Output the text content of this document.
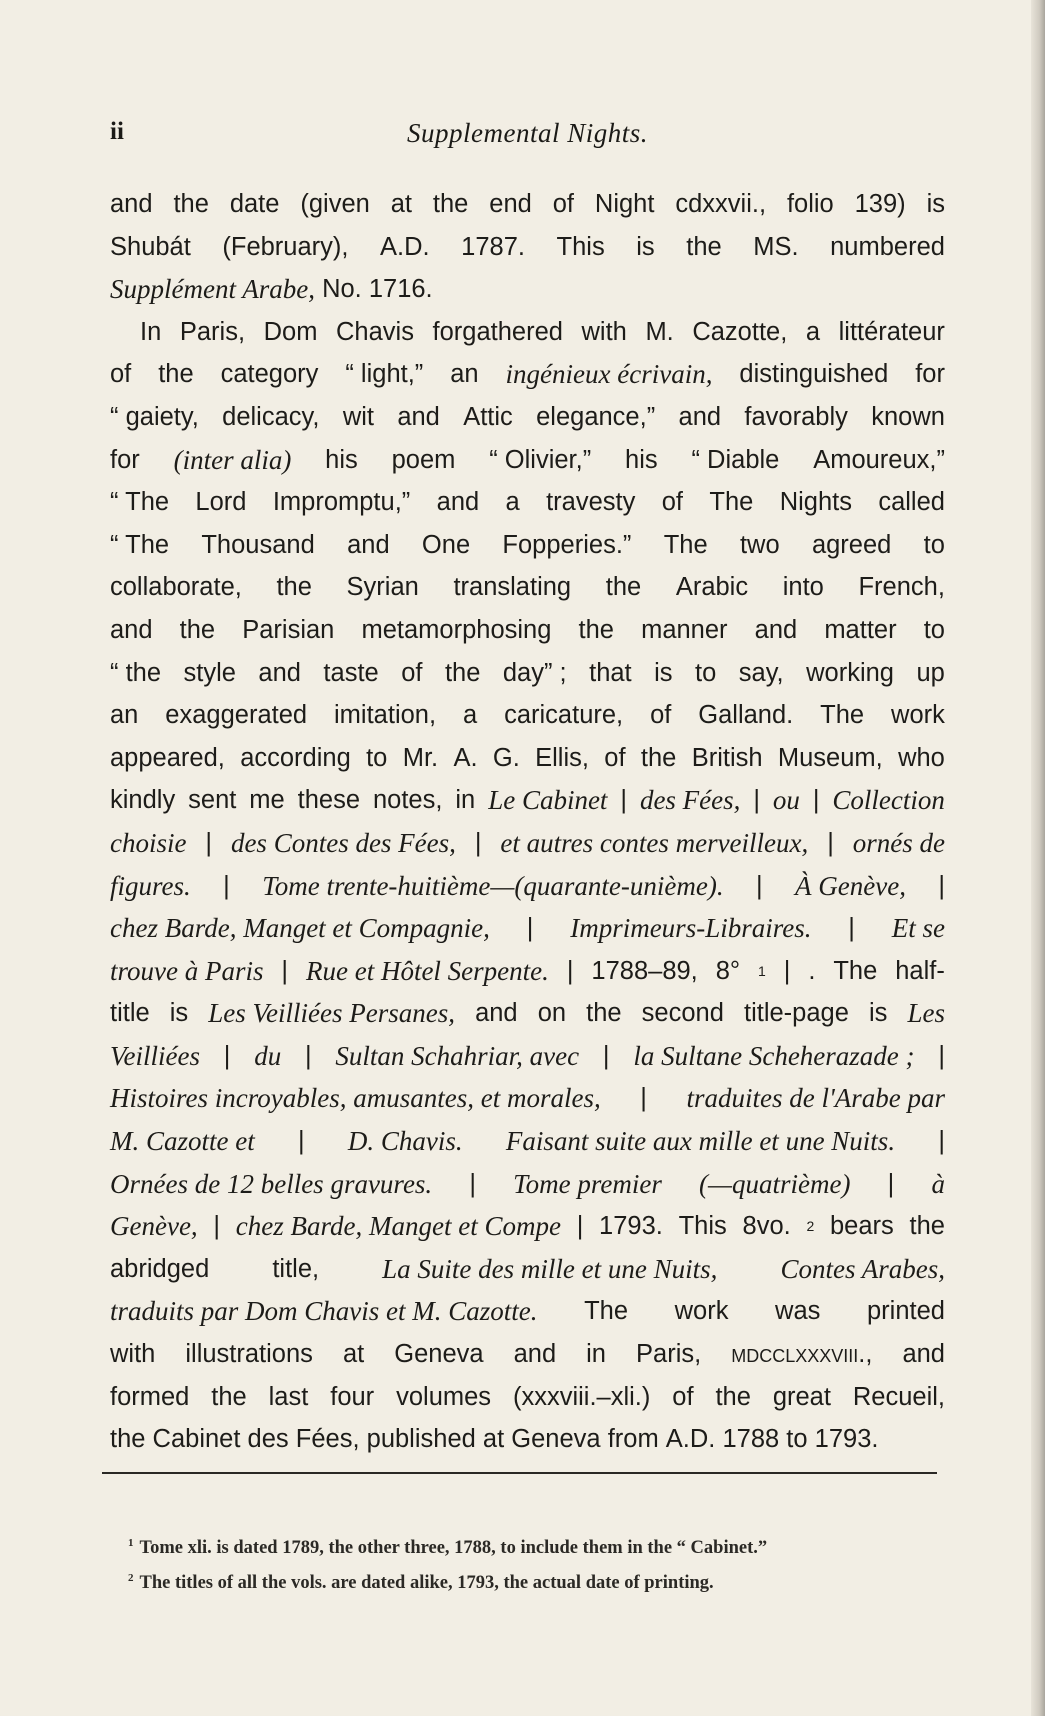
ii	Supplemental Nights.
and the date (given at the end of Night cdxxvii., folio 139) is
Shubát (February), A.D. 1787. This is the MS. numbered
Supplément Arabe,
No. 1716.

In Paris, Dom Chavis forgathered with M. Cazotte, a littérateur
of the category “ light,” an ingénieux écrivain, distinguished for
“ gaiety, delicacy, wit and Attic elegance,” and favorably known
for (inter alia) his poem “ Olivier,” his “ Diable Amoureux,”
“ The Lord Impromptu,” and a travesty of The Nights called
“ The Thousand and One Fopperies.” The two agreed to
collaborate, the Syrian translating the Arabic into French,
and the Parisian metamorphosing the manner and matter to
“ the style and taste of the day” ; that is to say, working up
an exaggerated imitation, a caricature, of Galland. The work
appeared, according to Mr. A. G. Ellis, of the British Museum, who
kindly sent me these notes, in Le Cabinet | des Fées, | ou | Collection
choisie | des Contes des Fées, | et autres contes merveilleux, | ornés de
figures. | Tome trente-huitième—(quarante-unième). | À Genève, |
chez Barde, Manget et Compagnie, | Imprimeurs-Libraires. | Et se
trouve à Paris | Rue et Hôtel Serpente. | 1788–89, 8° 1 | . The half-
title is Les Veilliées Persanes, and on the second title-page is Les
Veilliées | du | Sultan Schahriar, avec | la Sultane Scheherazade ; |
Histoires incroyables, amusantes, et morales, | traduites de l'Arabe par
M. Cazotte et | D. Chavis. Faisant suite aux mille et une Nuits. |
Ornées de 12 belles gravures. | Tome premier (—quatrième) | à
Genève, | chez Barde, Manget et Compe | 1793. This 8vo. 2 bears the
abridged title, La Suite des mille et une Nuits, Contes Arabes,
traduits par Dom Chavis et M. Cazotte. The work was printed
with illustrations at Geneva and in Paris, mdcclxxxviii., and
formed the last four volumes (xxxviii.–xli.) of the great Recueil,
the
Cabinet
des
Fées,
published
at
Geneva
from
A.D.
1788
to
1793.

$^1$ Tome xli. is dated 1789, the other three, 1788, to include them in the “ Cabinet.”
$^2$ The titles of all the vols. are dated alike, 1793, the actual date of printing.
